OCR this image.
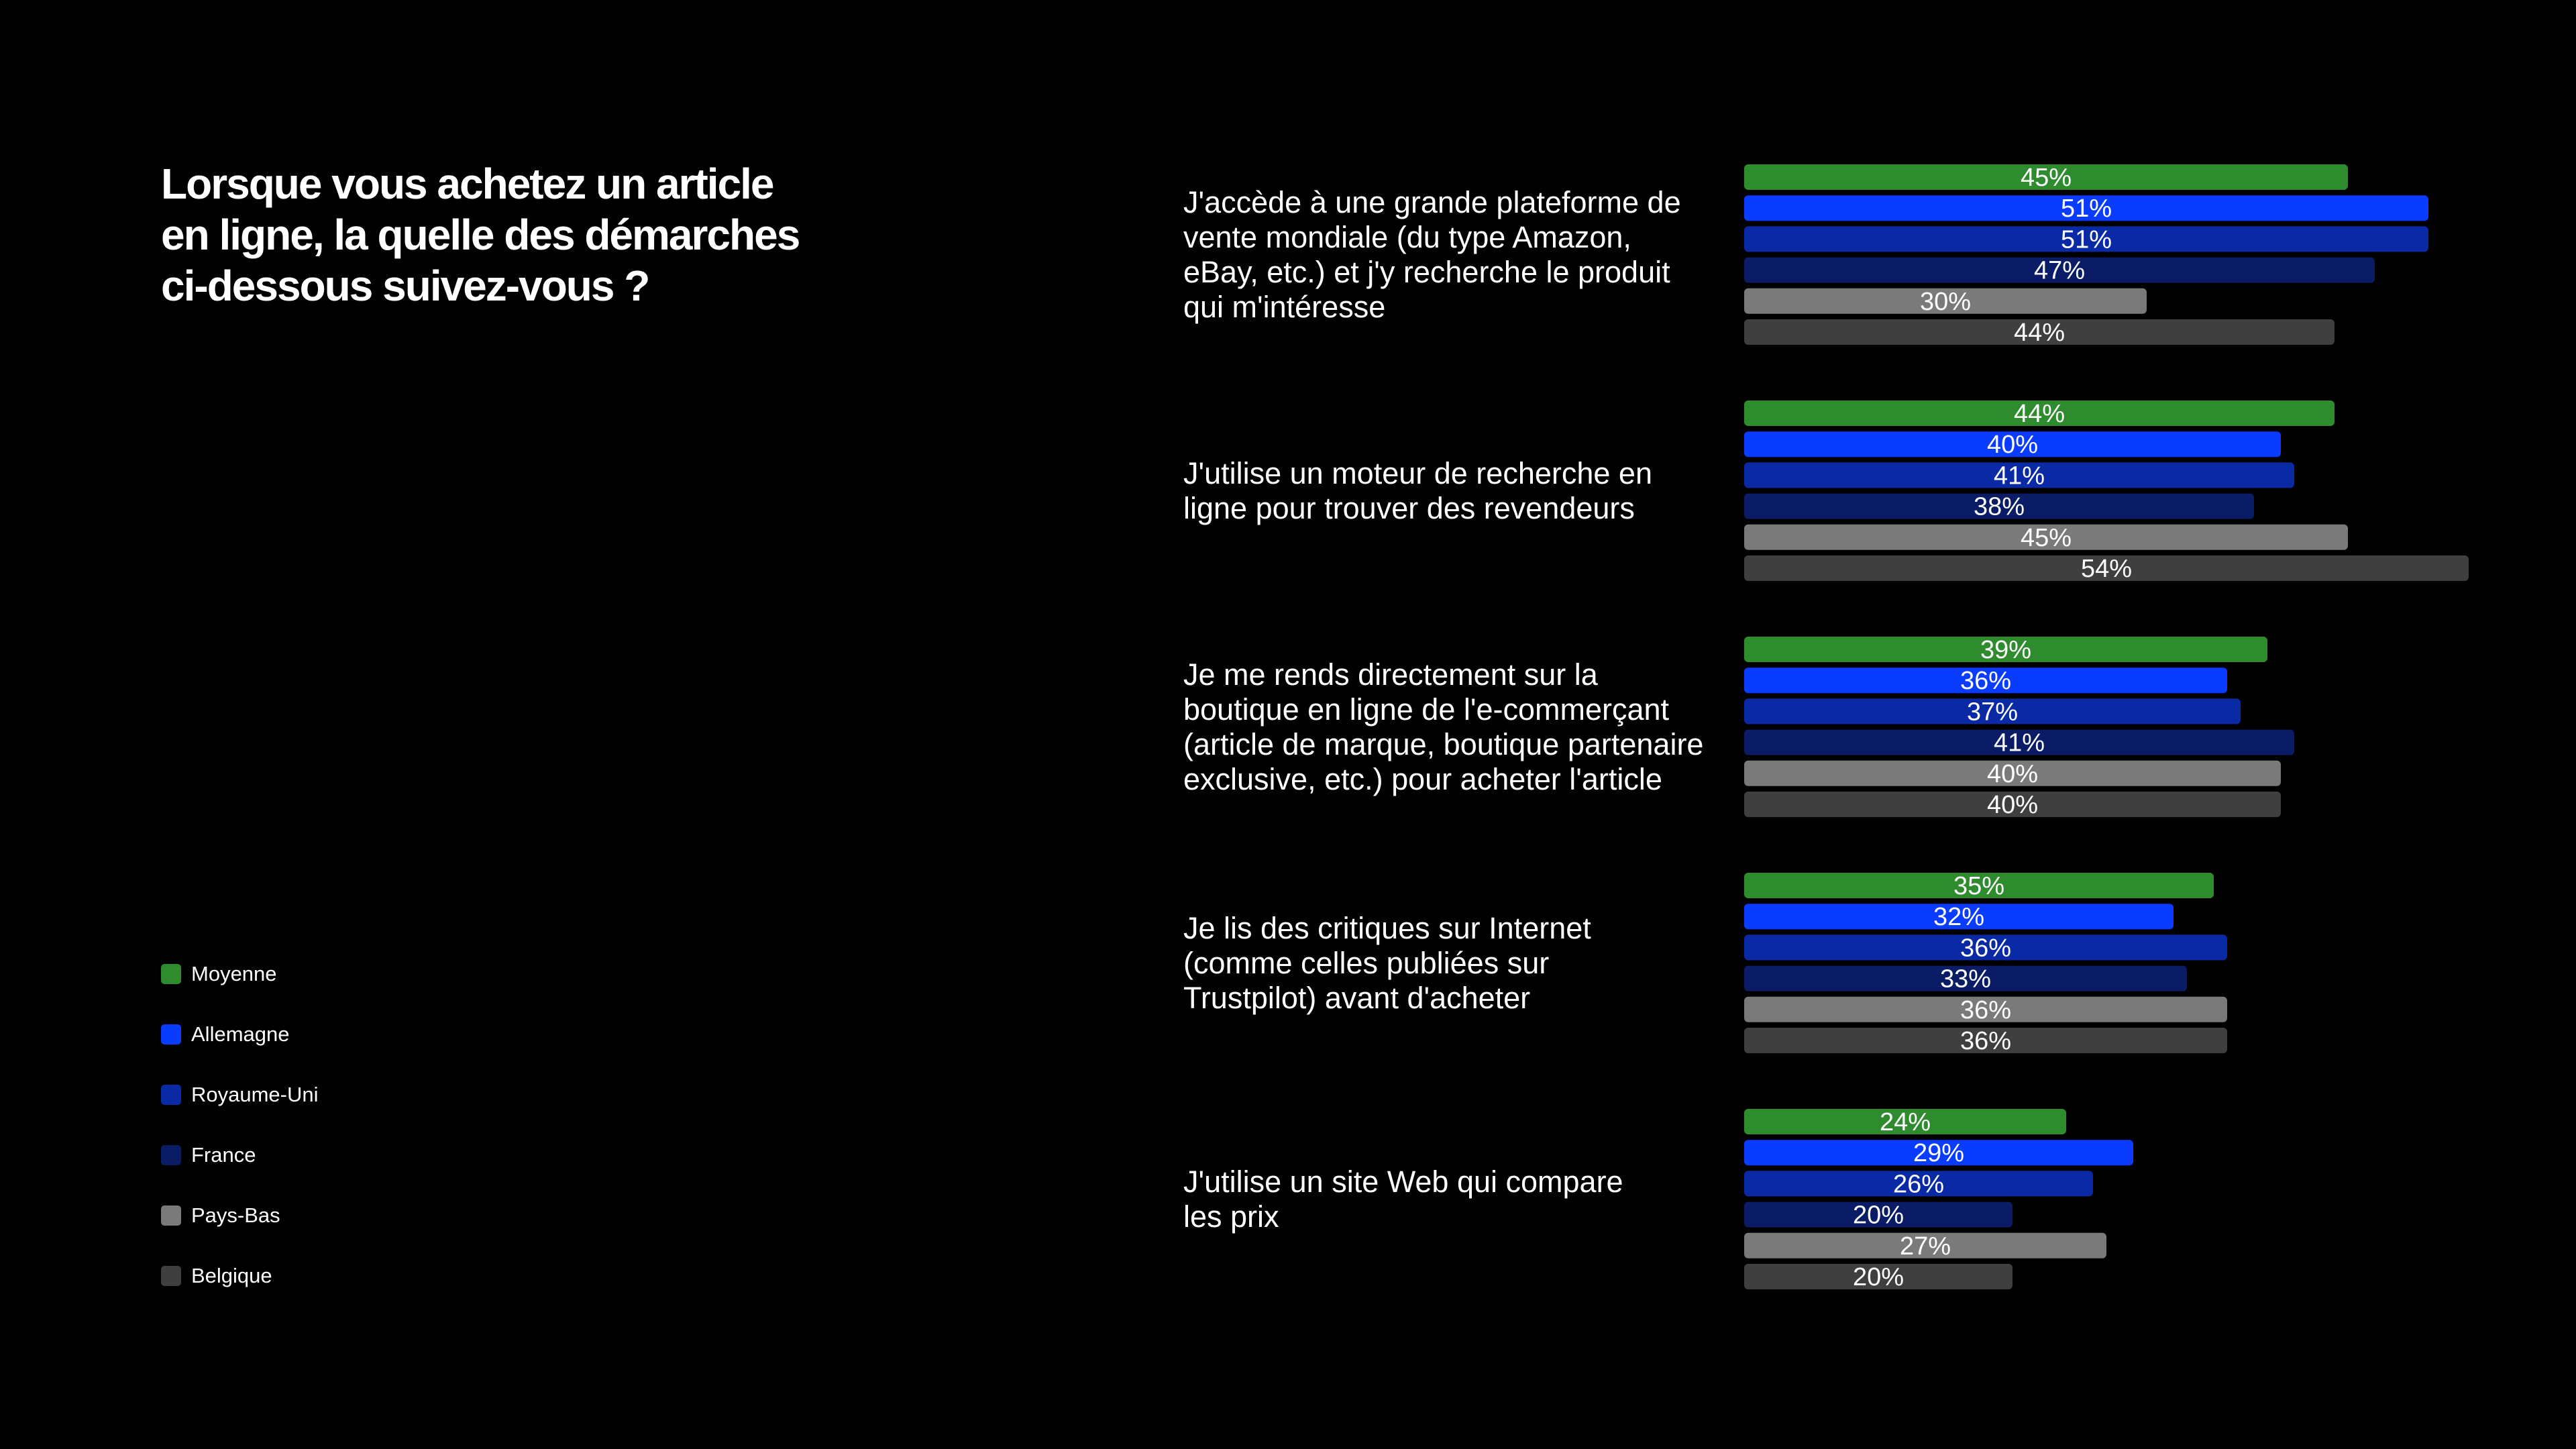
Lorsque vous achetez un article
en ligne, la quelle des démarches
ci-dessous suivez-vous ?
Moyenne
Allemagne
Royaume-Uni
France
Pays-Bas
Belgique
J'accède à une grande plateforme de
vente mondiale (du type Amazon,
eBay, etc.) et j'y recherche le produit
qui m'intéresse
J'utilise un moteur de recherche en
ligne pour trouver des revendeurs
Je me rends directement sur la
boutique en ligne de l'e-commerçant
(article de marque, boutique partenaire
exclusive, etc.) pour acheter l'article
Je lis des critiques sur Internet
(comme celles publiées sur
Trustpilot) avant d'acheter
J'utilise un site Web qui compare
les prix
45%
51%
51%
47%
30%
44%
44%
40%
41%
38%
45%
54%
39%
36%
37%
41%
40%
40%
35%
32%
36%
33%
36%
36%
24%
29%
26%
20%
27%
20%
